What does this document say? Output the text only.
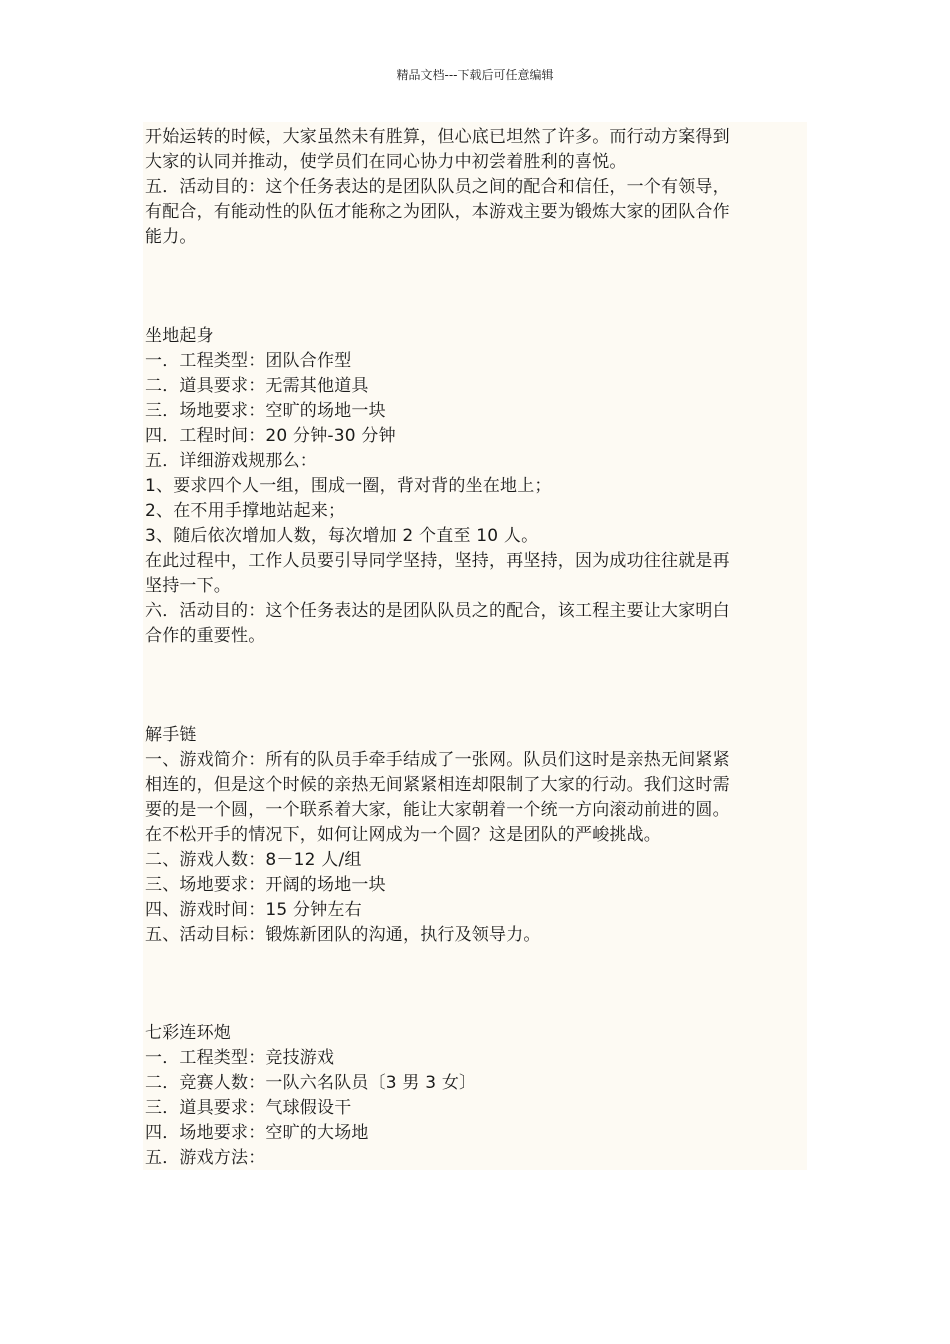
精品文档---下载后可任意编辑
开始运转的时候，大家虽然未有胜算，但心底已坦然了许多。而行动方案得到
大家的认同并推动，使学员们在同心协力中初尝着胜利的喜悦。
五．活动目的：这个任务表达的是团队队员之间的配合和信任，一个有领导，
有配合，有能动性的队伍才能称之为团队，本游戏主要为锻炼大家的团队合作
能力。
坐地起身
一．工程类型：团队合作型
二．道具要求：无需其他道具
三．场地要求：空旷的场地一块
四．工程时间：20 分钟-30 分钟
五．详细游戏规那么：
1、要求四个人一组，围成一圈，背对背的坐在地上；
2、在不用手撑地站起来；
3、随后依次增加人数，每次增加 2 个直至 10 人。
在此过程中，工作人员要引导同学坚持，坚持，再坚持，因为成功往往就是再
坚持一下。
六．活动目的：这个任务表达的是团队队员之的配合，该工程主要让大家明白
合作的重要性。
解手链
一、游戏简介：所有的队员手牵手结成了一张网。队员们这时是亲热无间紧紧
相连的，但是这个时候的亲热无间紧紧相连却限制了大家的行动。我们这时需
要的是一个圆，一个联系着大家，能让大家朝着一个统一方向滚动前进的圆。
在不松开手的情况下，如何让网成为一个圆？这是团队的严峻挑战。
二、游戏人数：8－12 人/组
三、场地要求：开阔的场地一块
四、游戏时间：15 分钟左右
五、活动目标：锻炼新团队的沟通，执行及领导力。
七彩连环炮
一．工程类型：竞技游戏
二．竞赛人数：一队六名队员〔3 男 3 女〕
三．道具要求：气球假设干
四．场地要求：空旷的大场地
五．游戏方法：
